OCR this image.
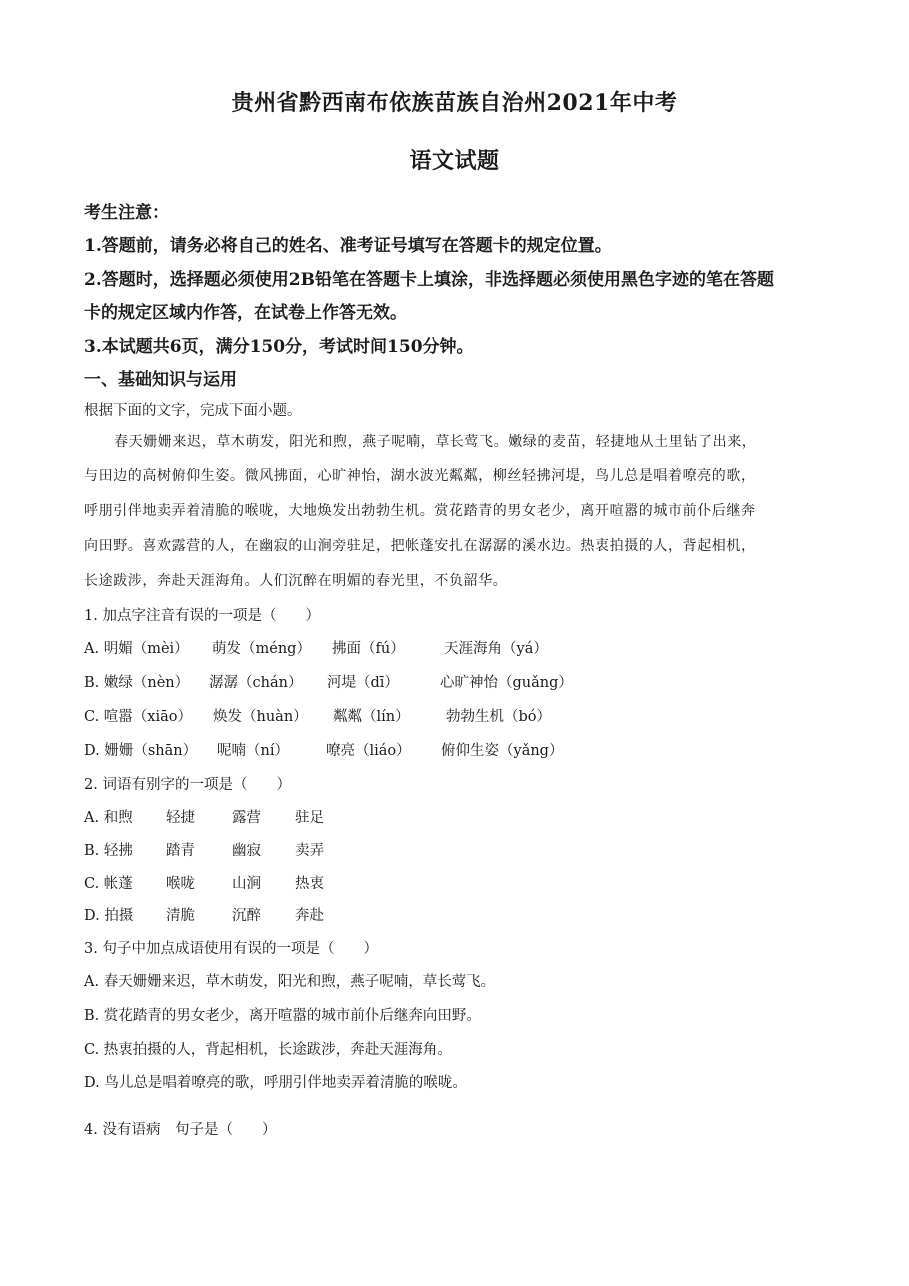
贵州省黔西南布依族苗族自治州2021年中考
语文试题
考生注意：
1.答题前，请务必将自己的姓名、准考证号填写在答题卡的规定位置。
2.答题时，选择题必须使用2B铅笔在答题卡上填涂，非选择题必须使用黑色字迹的笔在答题
卡的规定区域内作答，在试卷上作答无效。
3.本试题共6页，满分150分，考试时间150分钟。
一、基础知识与运用
根据下面的文字，完成下面小题。
春天姗姗来迟，草木萌发，阳光和煦，燕子呢喃，草长莺飞。嫩绿的麦苗，轻捷地从土里钻了出来，
与田边的高树俯仰生姿。微风拂面，心旷神怡，湖水波光粼粼，柳丝轻拂河堤，鸟儿总是唱着嘹亮的歌，
呼朋引伴地卖弄着清脆的喉咙，大地焕发出勃勃生机。赏花踏青的男女老少，离开喧嚣的城市前仆后继奔
向田野。喜欢露营的人，在幽寂的山涧旁驻足，把帐蓬安扎在潺潺的溪水边。热衷拍摄的人，背起相机，
长途跋涉，奔赴天涯海角。人们沉醉在明媚的春光里，不负韶华。
1. 加点字注音有误的一项是（　　）
A. 明媚（mèi） 萌发（méng） 拂面（fú）	天涯海角（yá）
B. 嫩绿（nèn） 潺潺（chán） 河堤（dī）	心旷神怡（guǎng）
C. 喧嚣（xiāo） 焕发（huàn） 粼粼（lín）	勃勃生机（bó）
D. 姗姗（shān） 呢喃（ní）	嘹亮（liáo） 俯仰生姿（yǎng）
2. 词语有别字的一项是（　　）
A. 和煦 轻捷	露营 驻足
B. 轻拂 踏青	幽寂 卖弄
C. 帐蓬 喉咙	山涧 热衷
D. 拍摄 清脆	沉醉 奔赴
3. 句子中加点成语使用有误的一项是（　　）
A. 春天姗姗来迟，草木萌发，阳光和煦，燕子呢喃，草长莺飞。
B. 赏花踏青的男女老少，离开喧嚣的城市前仆后继奔向田野。
C. 热衷拍摄的人，背起相机，长途跋涉，奔赴天涯海角。
D. 鸟儿总是唱着嘹亮的歌，呼朋引伴地卖弄着清脆的喉咙。
4. 没有语病　句子是（　　）
